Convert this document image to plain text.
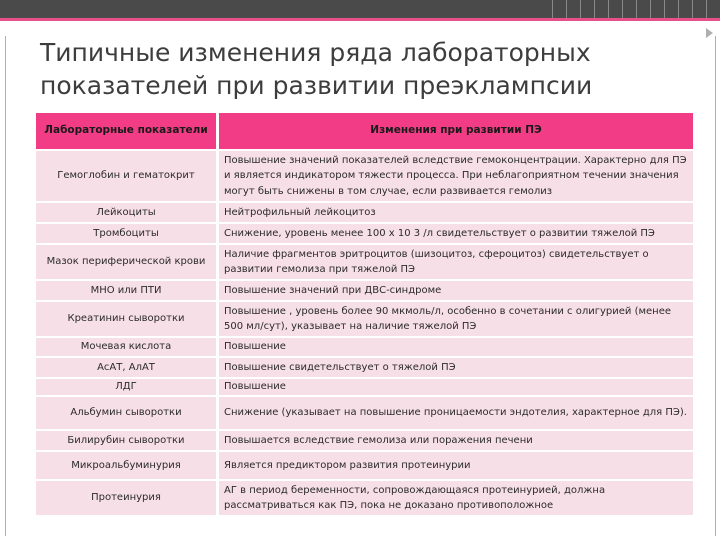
Типичные изменения ряда лабораторных
показателей при развитии преэклампсии
Лабораторные показатели	Изменения при развитии ПЭ
Гемоглобин и гематокрит	Повышение значений показателей вследствие гемоконцентрации. Характерно для ПЭ и является индикатором тяжести процесса. При неблагоприятном течении значения могут быть снижены в том случае, если развивается гемолиз
Лейкоциты	Нейтрофильный лейкоцитоз
Тромбоциты	Снижение, уровень менее 100 х 10 3 /л свидетельствует о развитии тяжелой ПЭ
Мазок периферической крови	Наличие фрагментов эритроцитов (шизоцитоз, сфероцитоз) свидетельствует о развитии гемолиза при тяжелой ПЭ
МНО или ПТИ	Повышение значений при ДВС-синдроме
Креатинин сыворотки	Повышение , уровень более 90 мкмоль/л, особенно в сочетании с олигурией (менее 500 мл/сут), указывает на наличие тяжелой ПЭ
Мочевая кислота	Повышение
АсАТ, АлАТ	Повышение свидетельствует о тяжелой ПЭ
ЛДГ	Повышение
Альбумин сыворотки	Снижение (указывает на повышение проницаемости эндотелия, характерное для ПЭ).
Билирубин сыворотки	Повышается вследствие гемолиза или поражения печени
Микроальбуминурия	Является предиктором развития протеинурии
Протеинурия	АГ в период беременности, сопровождающаяся протеинурией, должна рассматриваться как ПЭ, пока не доказано противоположное
